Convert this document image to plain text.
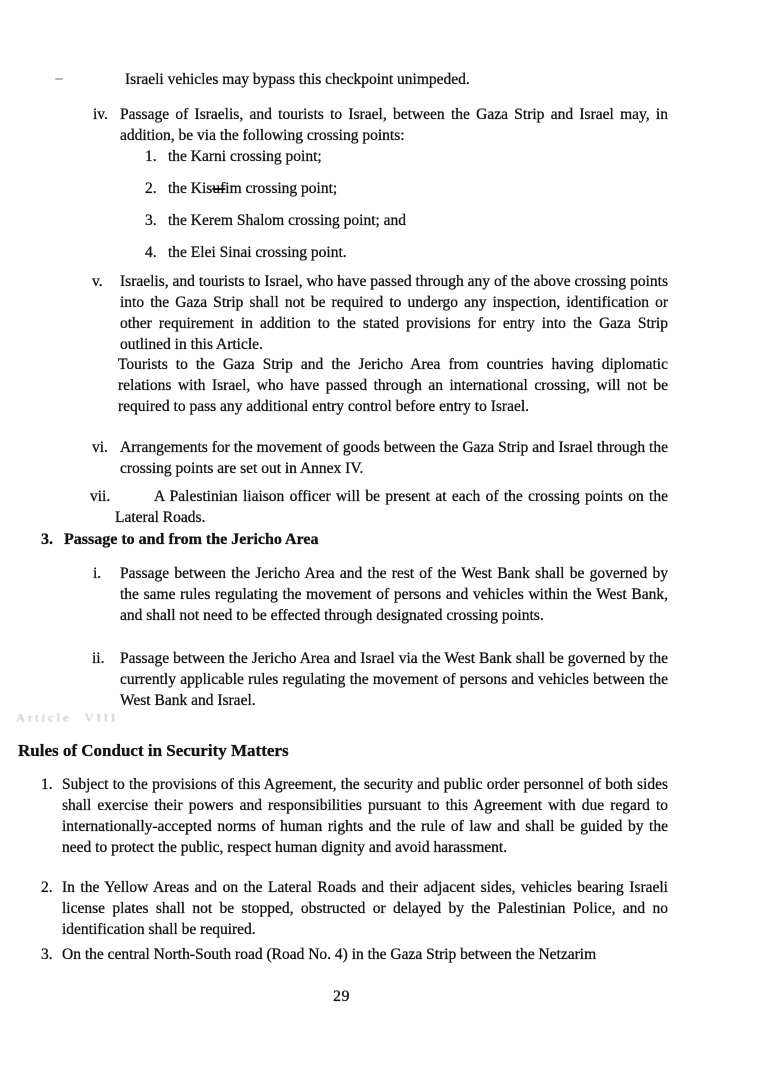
Israeli vehicles may bypass this checkpoint unimpeded.
iv. Passage of Israelis, and tourists to Israel, between the Gaza Strip and Israel may, in addition, be via the following crossing points:
1. the Karni crossing point;
2. the Kisufim crossing point;
3. the Kerem Shalom crossing point; and
4. the Elei Sinai crossing point.
v. Israelis, and tourists to Israel, who have passed through any of the above crossing points into the Gaza Strip shall not be required to undergo any inspection, identification or other requirement in addition to the stated provisions for entry into the Gaza Strip outlined in this Article.
Tourists to the Gaza Strip and the Jericho Area from countries having diplomatic relations with Israel, who have passed through an international crossing, will not be required to pass any additional entry control before entry to Israel.
vi. Arrangements for the movement of goods between the Gaza Strip and Israel through the crossing points are set out in Annex IV.
vii.	A Palestinian liaison officer will be present at each of the crossing points on the Lateral Roads.
3. Passage to and from the Jericho Area
i. Passage between the Jericho Area and the rest of the West Bank shall be governed by the same rules regulating the movement of persons and vehicles within the West Bank, and shall not need to be effected through designated crossing points.
ii. Passage between the Jericho Area and Israel via the West Bank shall be governed by the currently applicable rules regulating the movement of persons and vehicles between the West Bank and Israel.
Article VIII
Rules of Conduct in Security Matters
1. Subject to the provisions of this Agreement, the security and public order personnel of both sides shall exercise their powers and responsibilities pursuant to this Agreement with due regard to internationally-accepted norms of human rights and the rule of law and shall be guided by the need to protect the public, respect human dignity and avoid harassment.
2. In the Yellow Areas and on the Lateral Roads and their adjacent sides, vehicles bearing Israeli license plates shall not be stopped, obstructed or delayed by the Palestinian Police, and no identification shall be required.
3. On the central North-South road (Road No. 4) in the Gaza Strip between the Netzarim
29
